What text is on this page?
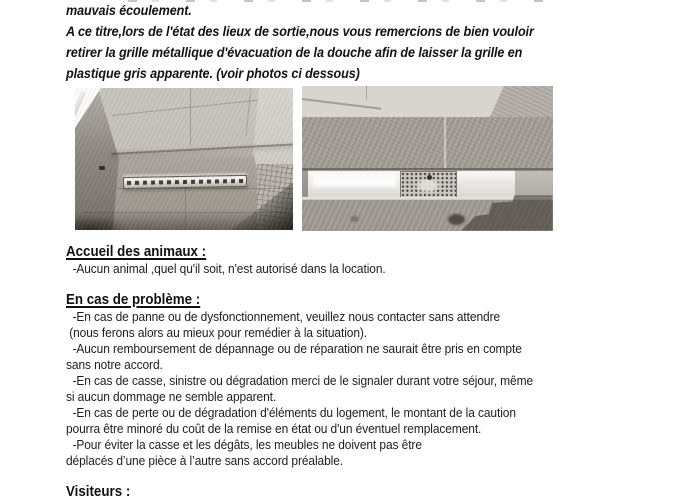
mauvais écoulement.
A ce titre,lors de l'état des lieux de sortie,nous vous remercions de bien vouloir
retirer la grille métallique d'évacuation de la douche afin de laisser la grille en
plastique gris apparente. (voir photos ci dessous)
Accueil des animaux :
-Aucun animal ,quel qu'il soit, n'est autorisé dans la location.
En cas de problème :
-En cas de panne ou de dysfonctionnement, veuillez nous contacter sans attendre
(nous ferons alors au mieux pour remédier à la situation).
-Aucun remboursement de dépannage ou de réparation ne saurait être pris en compte
sans notre accord.
-En cas de casse, sinistre ou dégradation merci de le signaler durant votre séjour, même
si aucun dommage ne semble apparent.
-En cas de perte ou de dégradation d'éléments du logement, le montant de la caution
pourra être minoré du coût de la remise en état ou d'un éventuel remplacement.
-Pour éviter la casse et les dégâts, les meubles ne doivent pas être
déplacés d’une pièce à l’autre sans accord préalable.
Visiteurs :
